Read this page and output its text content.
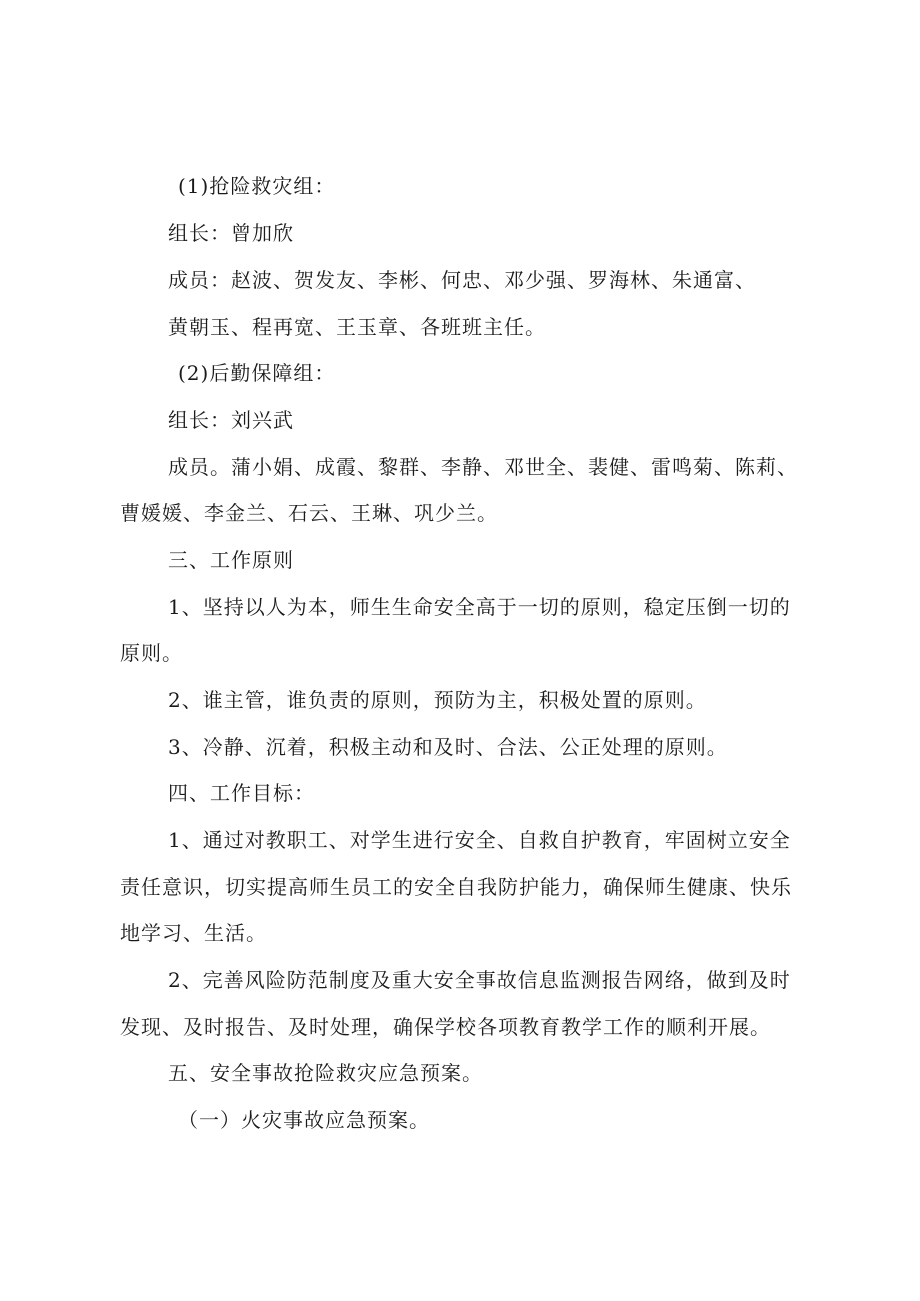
(1)抢险救灾组：
组长：曾加欣
成员：赵波、贺发友、李彬、何忠、邓少强、罗海林、朱通富、
黄朝玉、程再宽、王玉章、各班班主任。
(2)后勤保障组：
组长：刘兴武
成员。蒲小娟、成霞、黎群、李静、邓世全、裴健、雷鸣菊、陈莉、
曹媛媛、李金兰、石云、王琳、巩少兰。
三、工作原则
1、坚持以人为本，师生生命安全高于一切的原则，稳定压倒一切的
原则。
2、谁主管，谁负责的原则，预防为主，积极处置的原则。
3、冷静、沉着，积极主动和及时、合法、公正处理的原则。
四、工作目标：
1、通过对教职工、对学生进行安全、自救自护教育，牢固树立安全
责任意识，切实提高师生员工的安全自我防护能力，确保师生健康、快乐
地学习、生活。
2、完善风险防范制度及重大安全事故信息监测报告网络，做到及时
发现、及时报告、及时处理，确保学校各项教育教学工作的顺利开展。
五、安全事故抢险救灾应急预案。
（一）火灾事故应急预案。
